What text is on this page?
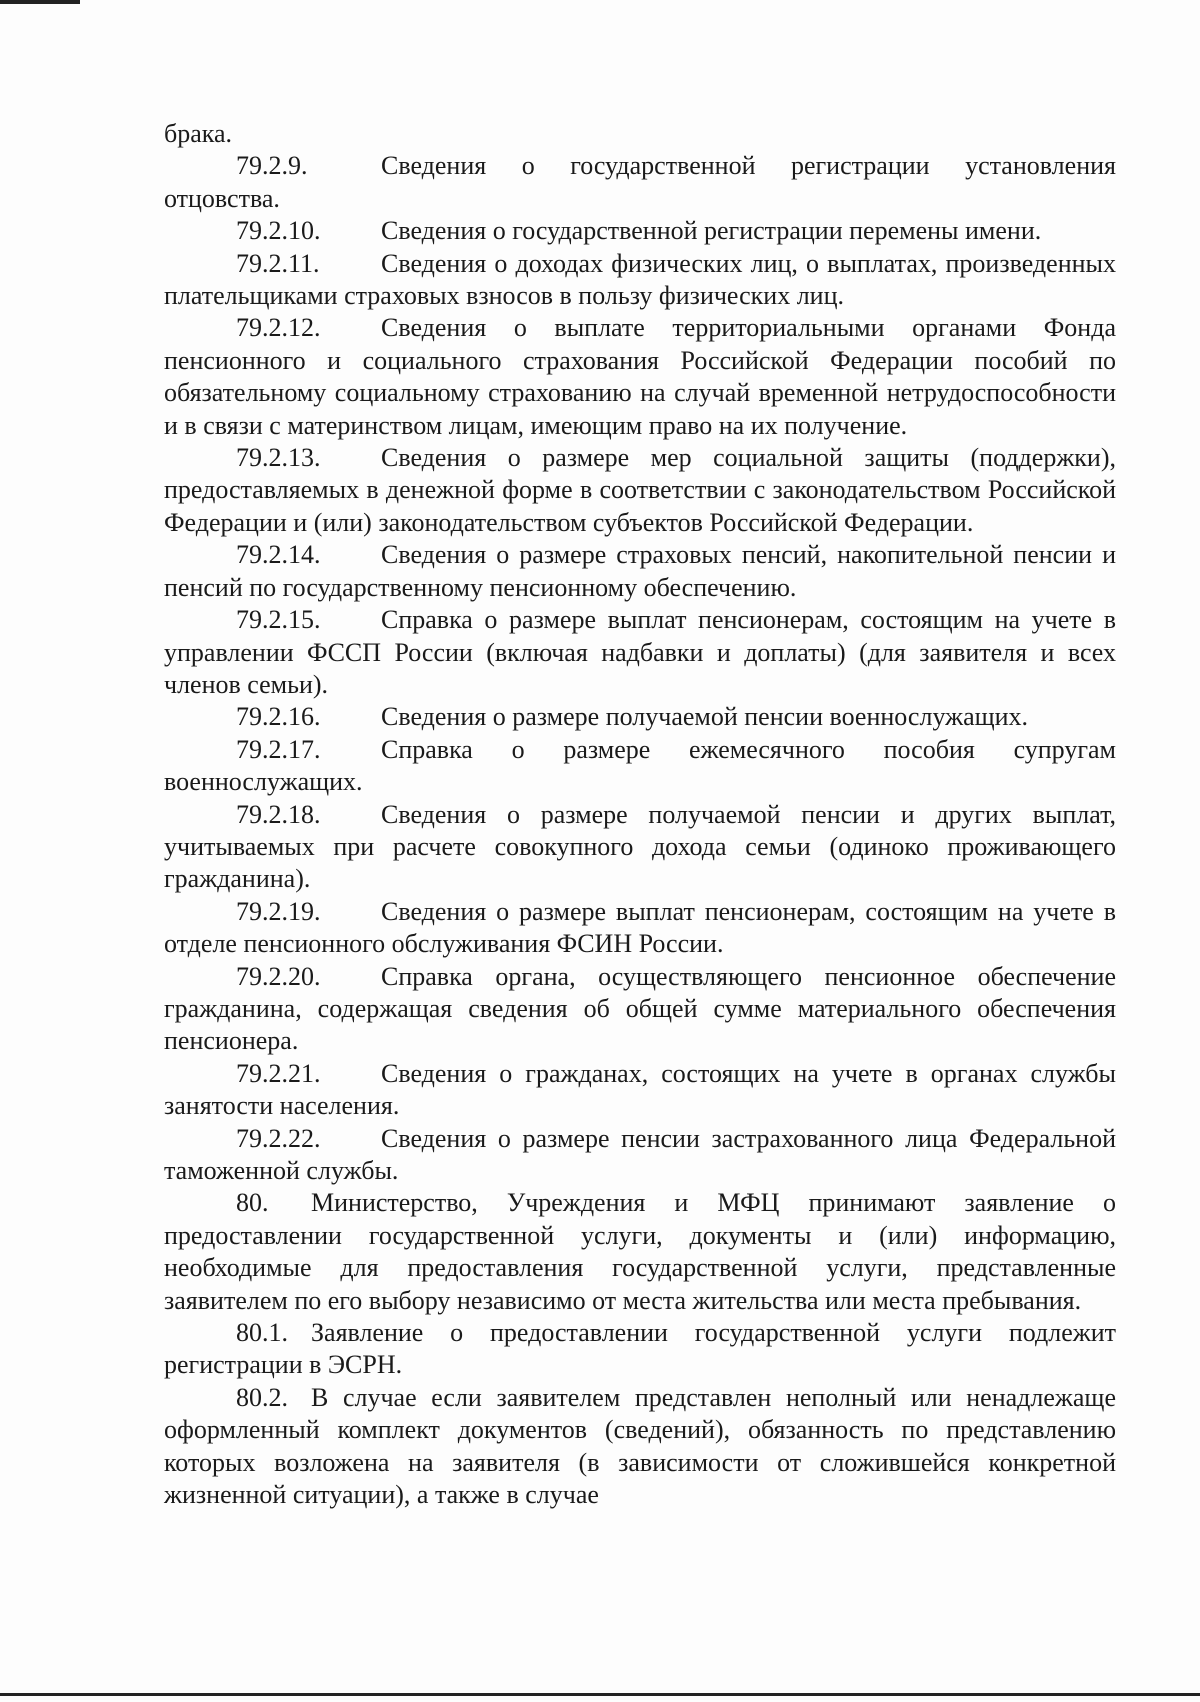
брака.

79.2.9.	Сведения о государственной регистрации установления отцовства.

79.2.10. Сведения о государственной регистрации перемены имени.

79.2.11. Сведения о доходах физических лиц, о выплатах, произведенных плательщиками страховых взносов в пользу физических лиц.

79.2.12. Сведения о выплате территориальными органами Фонда пенсионного и социального страхования Российской Федерации пособий по обязательному социальному страхованию на случай временной нетрудоспособности и в связи с материнством лицам, имеющим право на их получение.

79.2.13. Сведения о размере мер социальной защиты (поддержки), предоставляемых в денежной форме в соответствии с законодательством Российской Федерации и (или) законодательством субъектов Российской Федерации.

79.2.14. Сведения о размере страховых пенсий, накопительной пенсии и пенсий по государственному пенсионному обеспечению.

79.2.15. Справка о размере выплат пенсионерам, состоящим на учете в управлении ФССП России (включая надбавки и доплаты) (для заявителя и всех членов семьи).

79.2.16. Сведения о размере получаемой пенсии военнослужащих.

79.2.17. Справка о размере ежемесячного пособия супругам военнослужащих.

79.2.18. Сведения о размере получаемой пенсии и других выплат, учитываемых при расчете совокупного дохода семьи (одиноко проживающего гражданина).

79.2.19. Сведения о размере выплат пенсионерам, состоящим на учете в отделе пенсионного обслуживания ФСИН России.

79.2.20. Справка органа, осуществляющего пенсионное обеспечение гражданина, содержащая сведения об общей сумме материального обеспечения пенсионера.

79.2.21. Сведения о гражданах, состоящих на учете в органах службы занятости населения.

79.2.22. Сведения о размере пенсии застрахованного лица Федеральной таможенной службы.

80. Министерство, Учреждения и МФЦ принимают заявление о предоставлении государственной услуги, документы и (или) информацию, необходимые для предоставления государственной услуги, представленные заявителем по его выбору независимо от места жительства или места пребывания.

80.1. Заявление о предоставлении государственной услуги подлежит регистрации в ЭСРН.

80.2. В случае если заявителем представлен неполный или ненадлежаще оформленный комплект документов (сведений), обязанность по представлению которых возложена на заявителя (в зависимости от сложившейся конкретной жизненной ситуации), а также в случае
